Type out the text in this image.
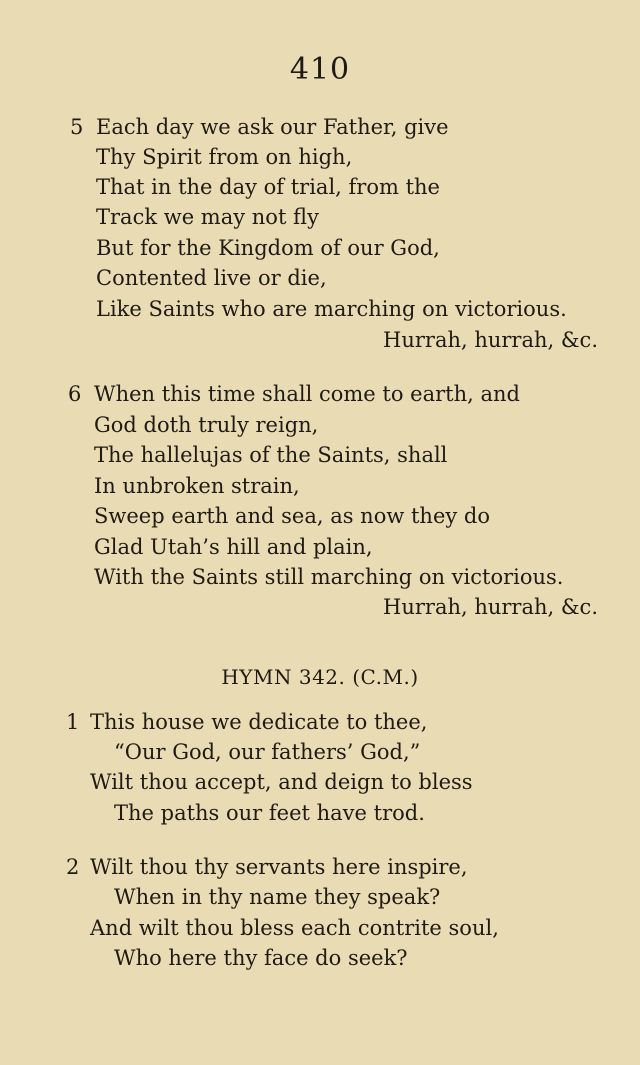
410
5 Each day we ask our Father, give
Thy Spirit from on high,
That in the day of trial, from the
Track we may not fly
But for the Kingdom of our God,
Contented live or die,
Like Saints who are marching on victorious.
Hurrah, hurrah, &c.
6 When this time shall come to earth, and
God doth truly reign,
The hallelujas of the Saints, shall
In unbroken strain,
Sweep earth and sea, as now they do
Glad Utah’s hill and plain,
With the Saints still marching on victorious.
Hurrah, hurrah, &c.
HYMN 342. (C.M.)
1 This house we dedicate to thee,
“Our God, our fathers’ God,”
Wilt thou accept, and deign to bless
The paths our feet have trod.
2 Wilt thou thy servants here inspire,
When in thy name they speak?
And wilt thou bless each contrite soul,
Who here thy face do seek?
